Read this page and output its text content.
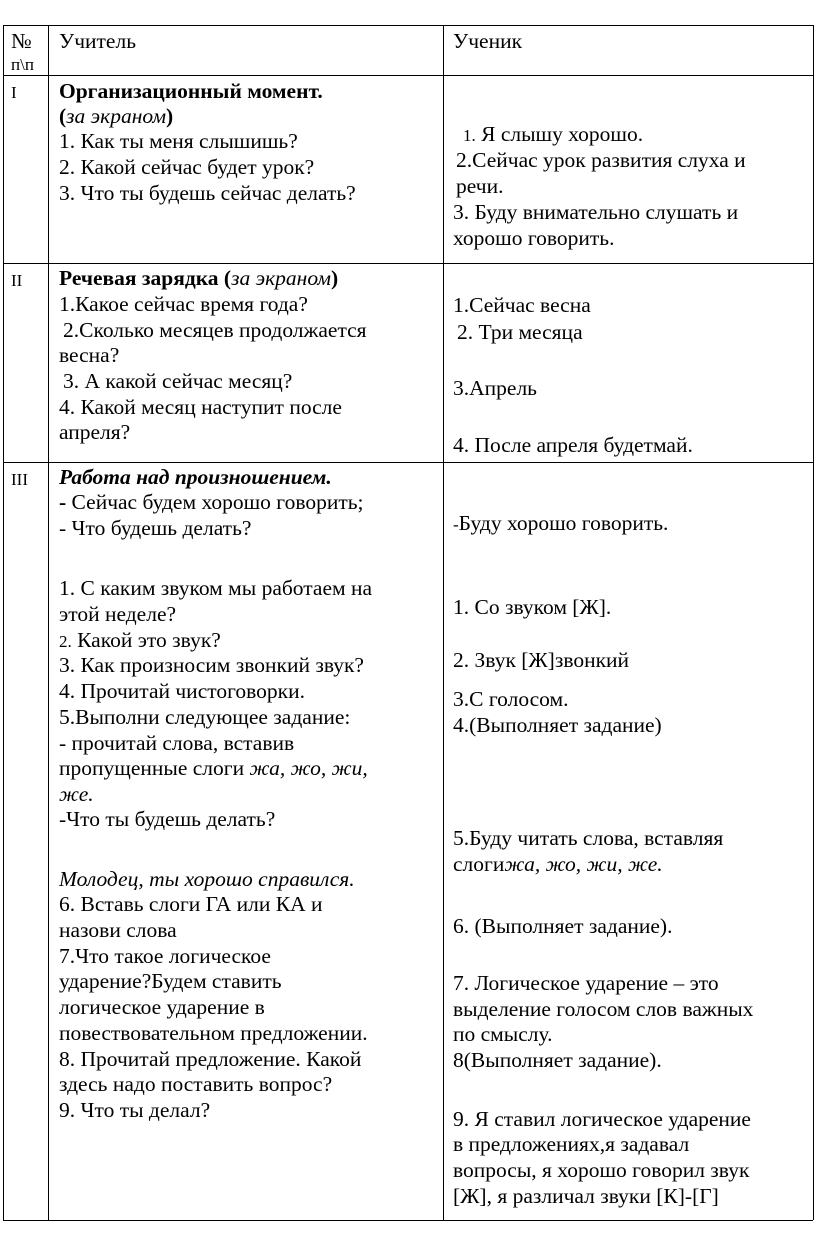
№
п\п
Учитель	Ученик
I Организационный момент.
(за экраном)
1. Как ты меня слышишь?
2. Какой сейчас будет урок?
3. Что ты будешь сейчас делать?
1. Я слышу хорошо.
2.Сейчас урок развития слуха и
речи.
3. Буду внимательно слушать и
хорошо говорить.
II Речевая зарядка (за экраном)
1.Какое сейчас время года?
2.Сколько месяцев продолжается
весна?
3. А какой сейчас месяц?
4. Какой месяц наступит после
апреля?
1.Сейчас весна
2. Три месяца
3.Апрель
4. После апреля будетмай.
III Работа над произношением.
- Сейчас будем хорошо говорить;
- Что будешь делать?
1. С каким звуком мы работаем на
этой неделе?
2. Какой это звук?
3. Как произносим звонкий звук?
4. Прочитай чистоговорки.
5.Выполни следующее задание:
- прочитай слова, вставив
пропущенные слоги жа, жо, жи,
же.
-Что ты будешь делать?
Молодец, ты хорошо справился.
6. Вставь слоги ГА или КА и
назови слова
7.Что такое логическое
ударение?Будем ставить
логическое ударение в
повествовательном предложении.
8. Прочитай предложение. Какой
здесь надо поставить вопрос?
9. Что ты делал?
-Буду хорошо говорить.
1. Со звуком [Ж].
2. Звук [Ж]звонкий
3.С голосом.
4.(Выполняет задание)
5.Буду читать слова, вставляя
слогижа, жо, жи, же.
6. (Выполняет задание).
7. Логическое ударение – это
выделение голосом слов важных
по смыслу.
8(Выполняет задание).
9. Я ставил логическое ударение
в предложениях,я задавал
вопросы, я хорошо говорил звук
[Ж], я различал звуки [К]-[Г]
